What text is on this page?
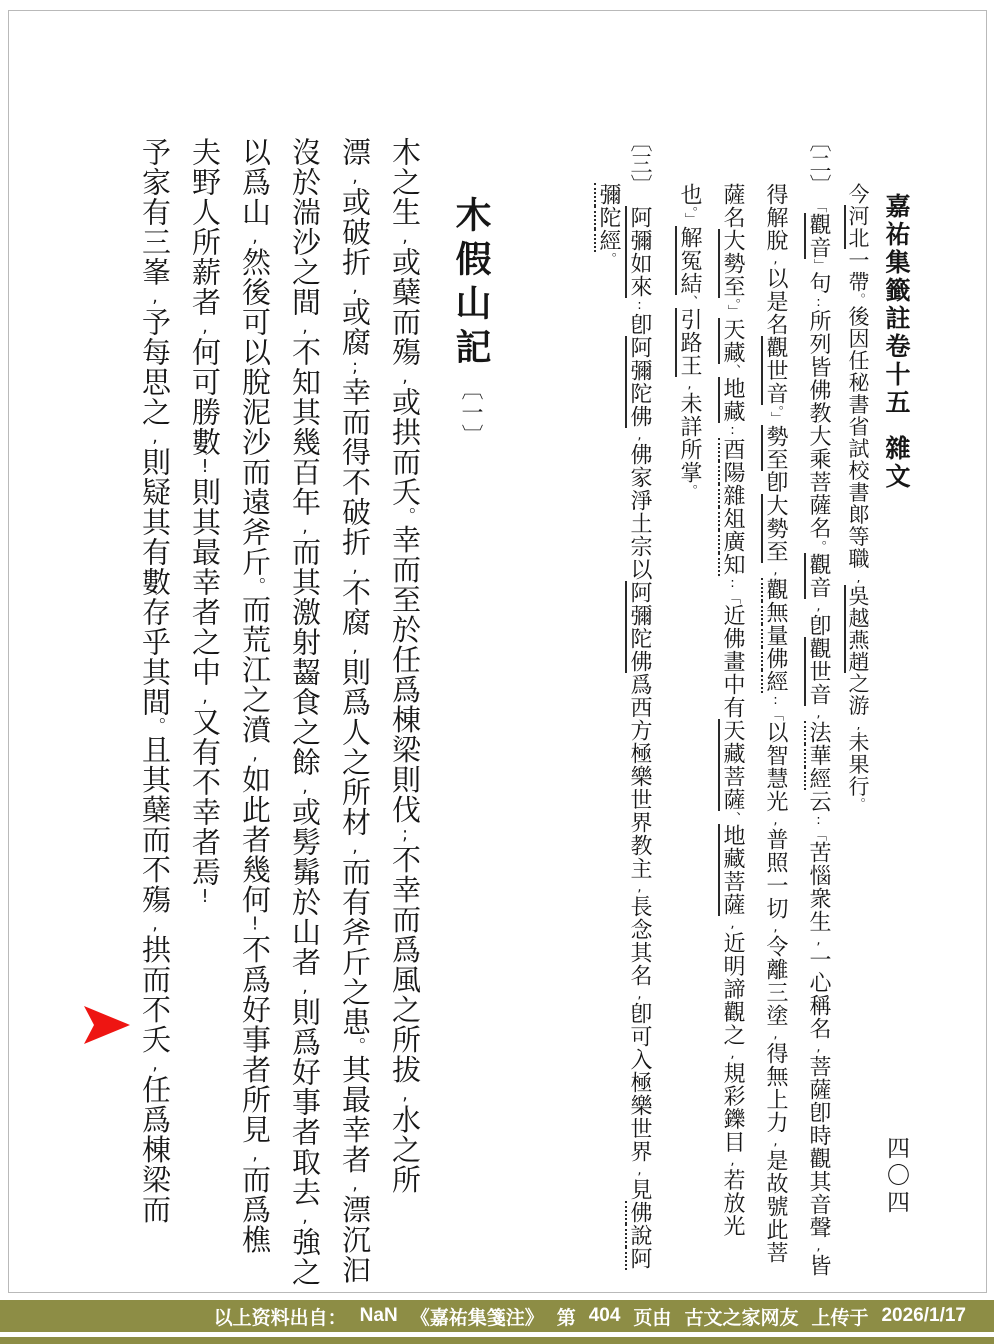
嘉祐集籤註卷十五雜文
四〇四
今河北一帶。後因任秘書省試校書郞等職,吳越燕趙之游,未果行。
〔二〕「觀音」句:所列皆佛教大乘菩薩名。觀音,卽觀世音,法華經云:「苦惱衆生,一心稱名,菩薩卽時觀其音聲,皆
得解脫,以是名觀世音。」勢至卽大勢至,觀無量佛經:「以智慧光,普照一切,令離三塗,得無上力,是故號此菩
薩名大勢至。」天藏、地藏:酉陽雜俎廣知:「近佛畫中有天藏菩薩、地藏菩薩,近明諦觀之,規彩鑠目,若放光
也。」解冤結、引路王,未詳所掌。
〔三〕阿彌如來:卽阿彌陀佛,佛家淨土宗以阿彌陀佛爲西方極樂世界教主,長念其名,卽可入極樂世界,見佛說阿
彌陀經。
木假山記〔一〕
木之生,或蘖而殤,或拱而夭。幸而至於任爲棟梁則伐;不幸而爲風之所拔,水之所
漂,或破折,或腐;幸而得不破折,不腐,則爲人之所材,而有斧斤之患。其最幸者,漂沉汩
沒於湍沙之間,不知其幾百年,而其激射齧食之餘,或髣髴於山者,則爲好事者取去,強之
以爲山,然後可以脫泥沙而遠斧斤。而荒江之濆,如此者幾何!不爲好事者所見,而爲樵
夫野人所薪者,何可勝數!則其最幸者之中,又有不幸者焉!
予家有三峯,予每思之,則疑其有數存乎其間。且其蘖而不殤,拱而不夭,任爲棟梁而
以上资料出自： NaN 《嘉祐集箋注》 第 404 页由 古文之家网友 上传于 2026/1/17
